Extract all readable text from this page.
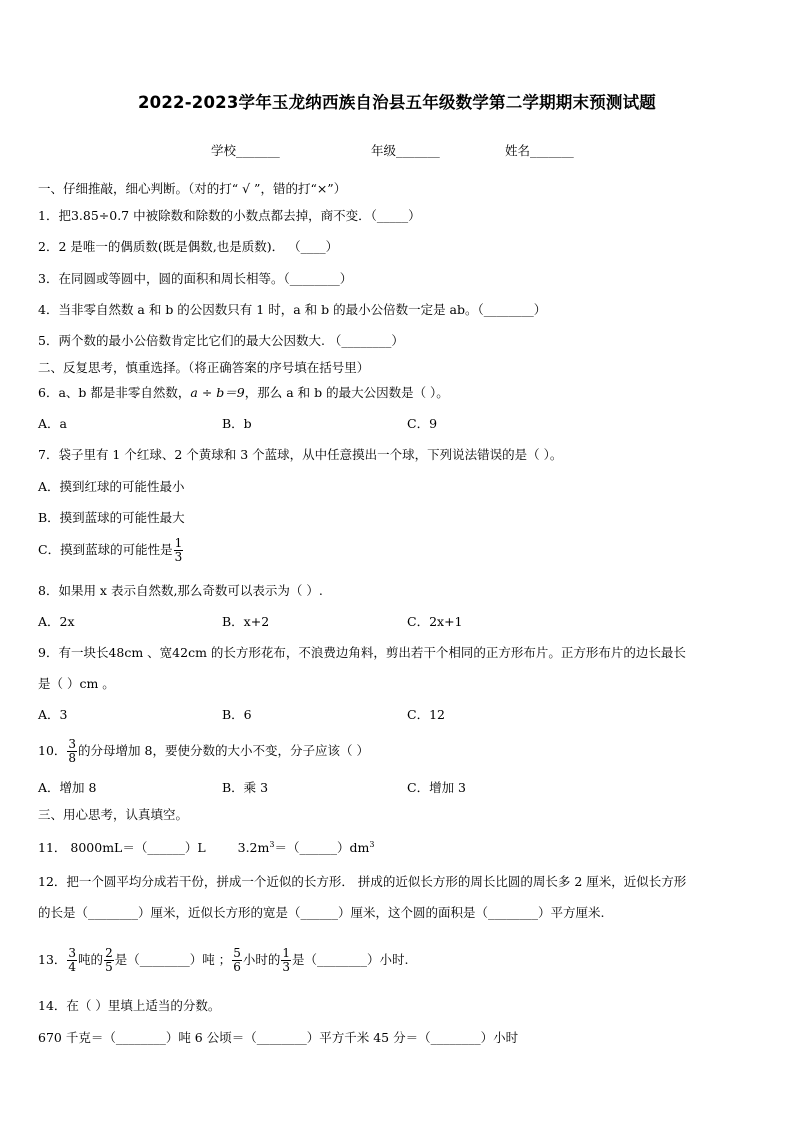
2022-2023学年玉龙纳西族自治县五年级数学第二学期期末预测试题
学校_______	年级_______	姓名_______
一、仔细推敲，细心判断。（对的打“ √ ”，错的打“×”）
1．把3.85÷0.7 中被除数和除数的小数点都去掉，商不变．（_____）
2．2 是唯一的偶质数(既是偶数,也是质数)． （____）
3．在同圆或等圆中，圆的面积和周长相等。（________）
4．当非零自然数 a 和 b 的公因数只有 1 时，a 和 b 的最小公倍数一定是 ab。（________）
5．两个数的最小公倍数肯定比它们的最大公因数大. （________）
二、反复思考，慎重选择。（将正确答案的序号填在括号里）
6．a、b 都是非零自然数，a ÷ b＝9，那么 a 和 b 的最大公因数是（ ）。
A．a	B．b	C．9
7．袋子里有 1 个红球、2 个黄球和 3 个蓝球，从中任意摸出一个球，下列说法错误的是（ ）。
A．摸到红球的可能性最小
B．摸到蓝球的可能性最大
C．摸到蓝球的可能性是 $\frac{1}{3}$
8．如果用 x 表示自然数,那么奇数可以表示为（ ）.
A．2x	B．x+2	C．2x+1
9．有一块长48cm 、宽42cm 的长方形花布，不浪费边角料，剪出若干个相同的正方形布片。正方形布片的边长最长
是（ ）cm 。
A．3	B．6	C．12
10． $\frac{3}{8}$ 的分母增加 8，要使分数的大小不变，分子应该（ ）
A．增加 8	B．乘 3	C．增加 3
三、用心思考，认真填空。
11． 8000mL＝（______）L	$3.2m^3=(\_\_\_\_\_\_)dm^3$
12．把一个圆平均分成若干份，拼成一个近似的长方形． 拼成的近似长方形的周长比圆的周长多 2 厘米，近似长方形
的长是（________）厘米，近似长方形的宽是（______）厘米，这个圆的面积是（________）平方厘米.
13． $\frac{3}{4}$ 吨的 $\frac{2}{5}$ 是（________）吨 ； $\frac{5}{6}$ 小时的 $\frac{1}{3}$ 是（________）小时.
14．在（ ）里填上适当的分数。
670 千克＝（________）吨 6 公顷＝（________）平方千米 45 分＝（________）小时
